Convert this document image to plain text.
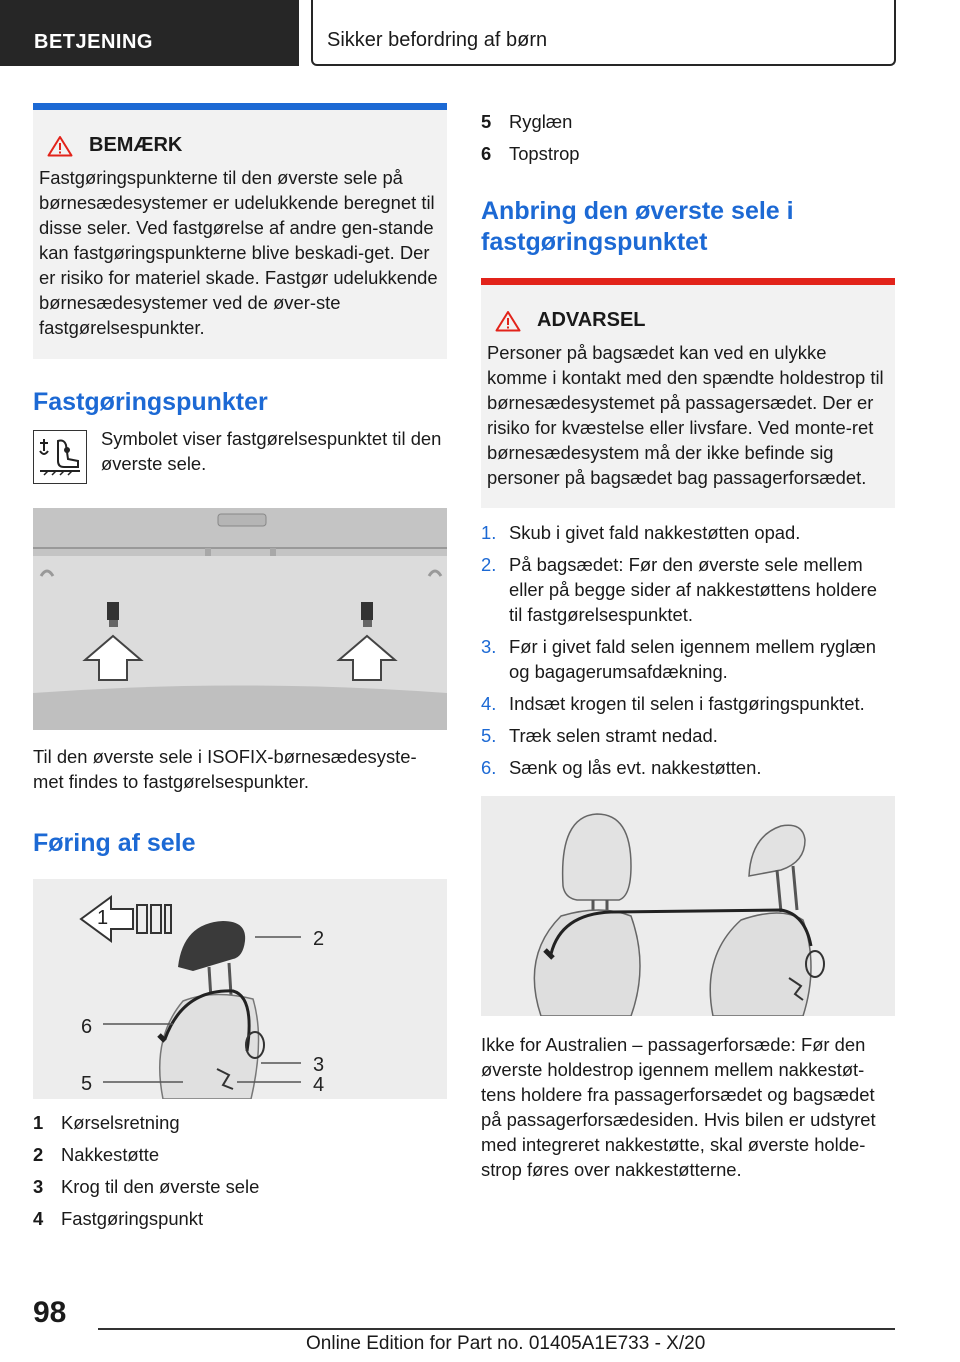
BETJENING	Sikker befordring af børn
BEMÆRK
Fastgøringspunkterne til den øverste sele på børnesædesystemer er udelukkende beregnet til disse seler. Ved fastgørelse af andre gen-stande kan fastgøringspunkterne blive beskadi-get. Der er risiko for materiel skade. Fastgør udelukkende børnesædesystemer ved de øver-ste fastgørelsespunkter.
Fastgøringspunkter
Symbolet viser fastgørelsespunktet til den øverste sele.
Til den øverste sele i ISOFIX-børnesædesyste-met findes to fastgørelsespunkter.
Føring af sele
1
2
6
3
5	4
1 Kørselsretning
2 Nakkestøtte
3 Krog til den øverste sele
4 Fastgøringspunkt
5 Ryglæn
6 Topstrop
Anbring den øverste sele i fastgøringspunktet
ADVARSEL
Personer på bagsædet kan ved en ulykke komme i kontakt med den spændte holdestrop til børnesædesystemet på passagersædet. Der er risiko for kvæstelse eller livsfare. Ved monte-ret børnesædesystem må der ikke befinde sig personer på bagsædet bag passagerforsædet.
1. Skub i givet fald nakkestøtten opad.
2. På bagsædet: Før den øverste sele mellem eller på begge sider af nakkestøttens holdere til fastgørelsespunktet.
3. Før i givet fald selen igennem mellem ryglæn og bagagerumsafdækning.
4. Indsæt krogen til selen i fastgøringspunktet.
5. Træk selen stramt nedad.
6. Sænk og lås evt. nakkestøtten.
Ikke for Australien – passagerforsæde: Før den øverste holdestrop igennem mellem nakkestøt-tens holdere fra passagerforsædet og bagsædet på passagerforsædesiden. Hvis bilen er udstyret med integreret nakkestøtte, skal øverste holde-strop føres over nakkestøtterne.
98
Online Edition for Part no. 01405A1E733 - X/20
